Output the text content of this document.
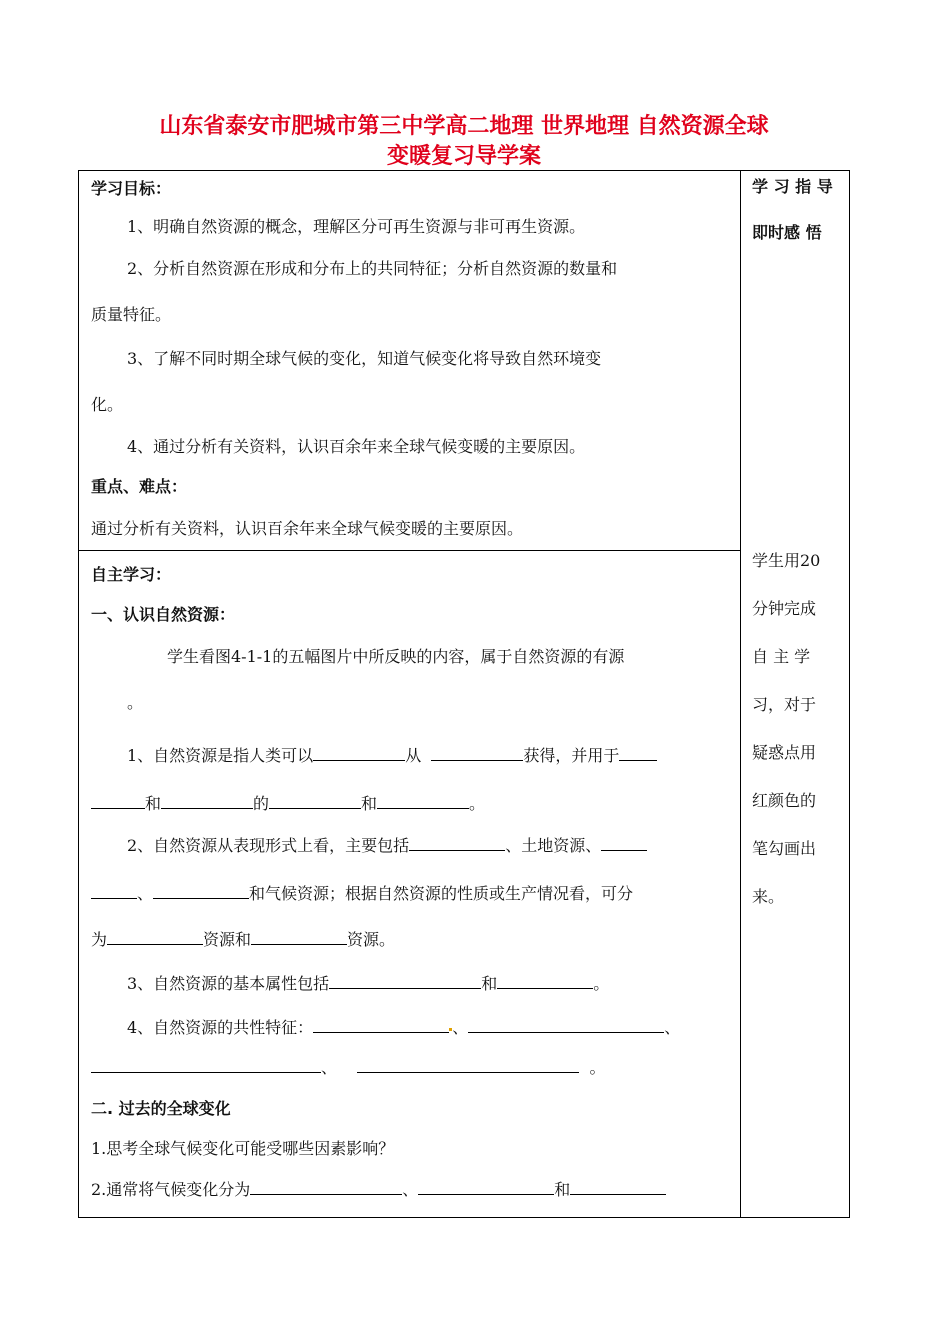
山东省泰安市肥城市第三中学高二地理 世界地理 自然资源全球
变暖复习导学案
学习目标：
1、明确自然资源的概念，理解区分可再生资源与非可再生资源。
2、分析自然资源在形成和分布上的共同特征；分析自然资源的数量和
质量特征。
3、了解不同时期全球气候的变化，知道气候变化将导致自然环境变
化。
4、通过分析有关资料，认识百余年来全球气候变暖的主要原因。
重点、难点：
通过分析有关资料，认识百余年来全球气候变暖的主要原因。
自主学习：
一、认识自然资源：
学生看图4-1-1的五幅图片中所反映的内容，属于自然资源的有源
。
1、自然资源是指人类可以	从	获得，并用于
和	的	和	。
2、自然资源从表现形式上看，主要包括	、土地资源、
、	和气候资源；根据自然资源的性质或生产情况看，可分
为	资源和	资源。
3、自然资源的基本属性包括	和	。
4、自然资源的共性特征：	、	、
、	。
二. 过去的全球变化
1.思考全球气候变化可能受哪些因素影响？
2.通常将气候变化分为	、	和
学 习 指 导
即时感 悟
学生用20
分钟完成
自 主 学
习，对于
疑惑点用
红颜色的
笔勾画出
来。
